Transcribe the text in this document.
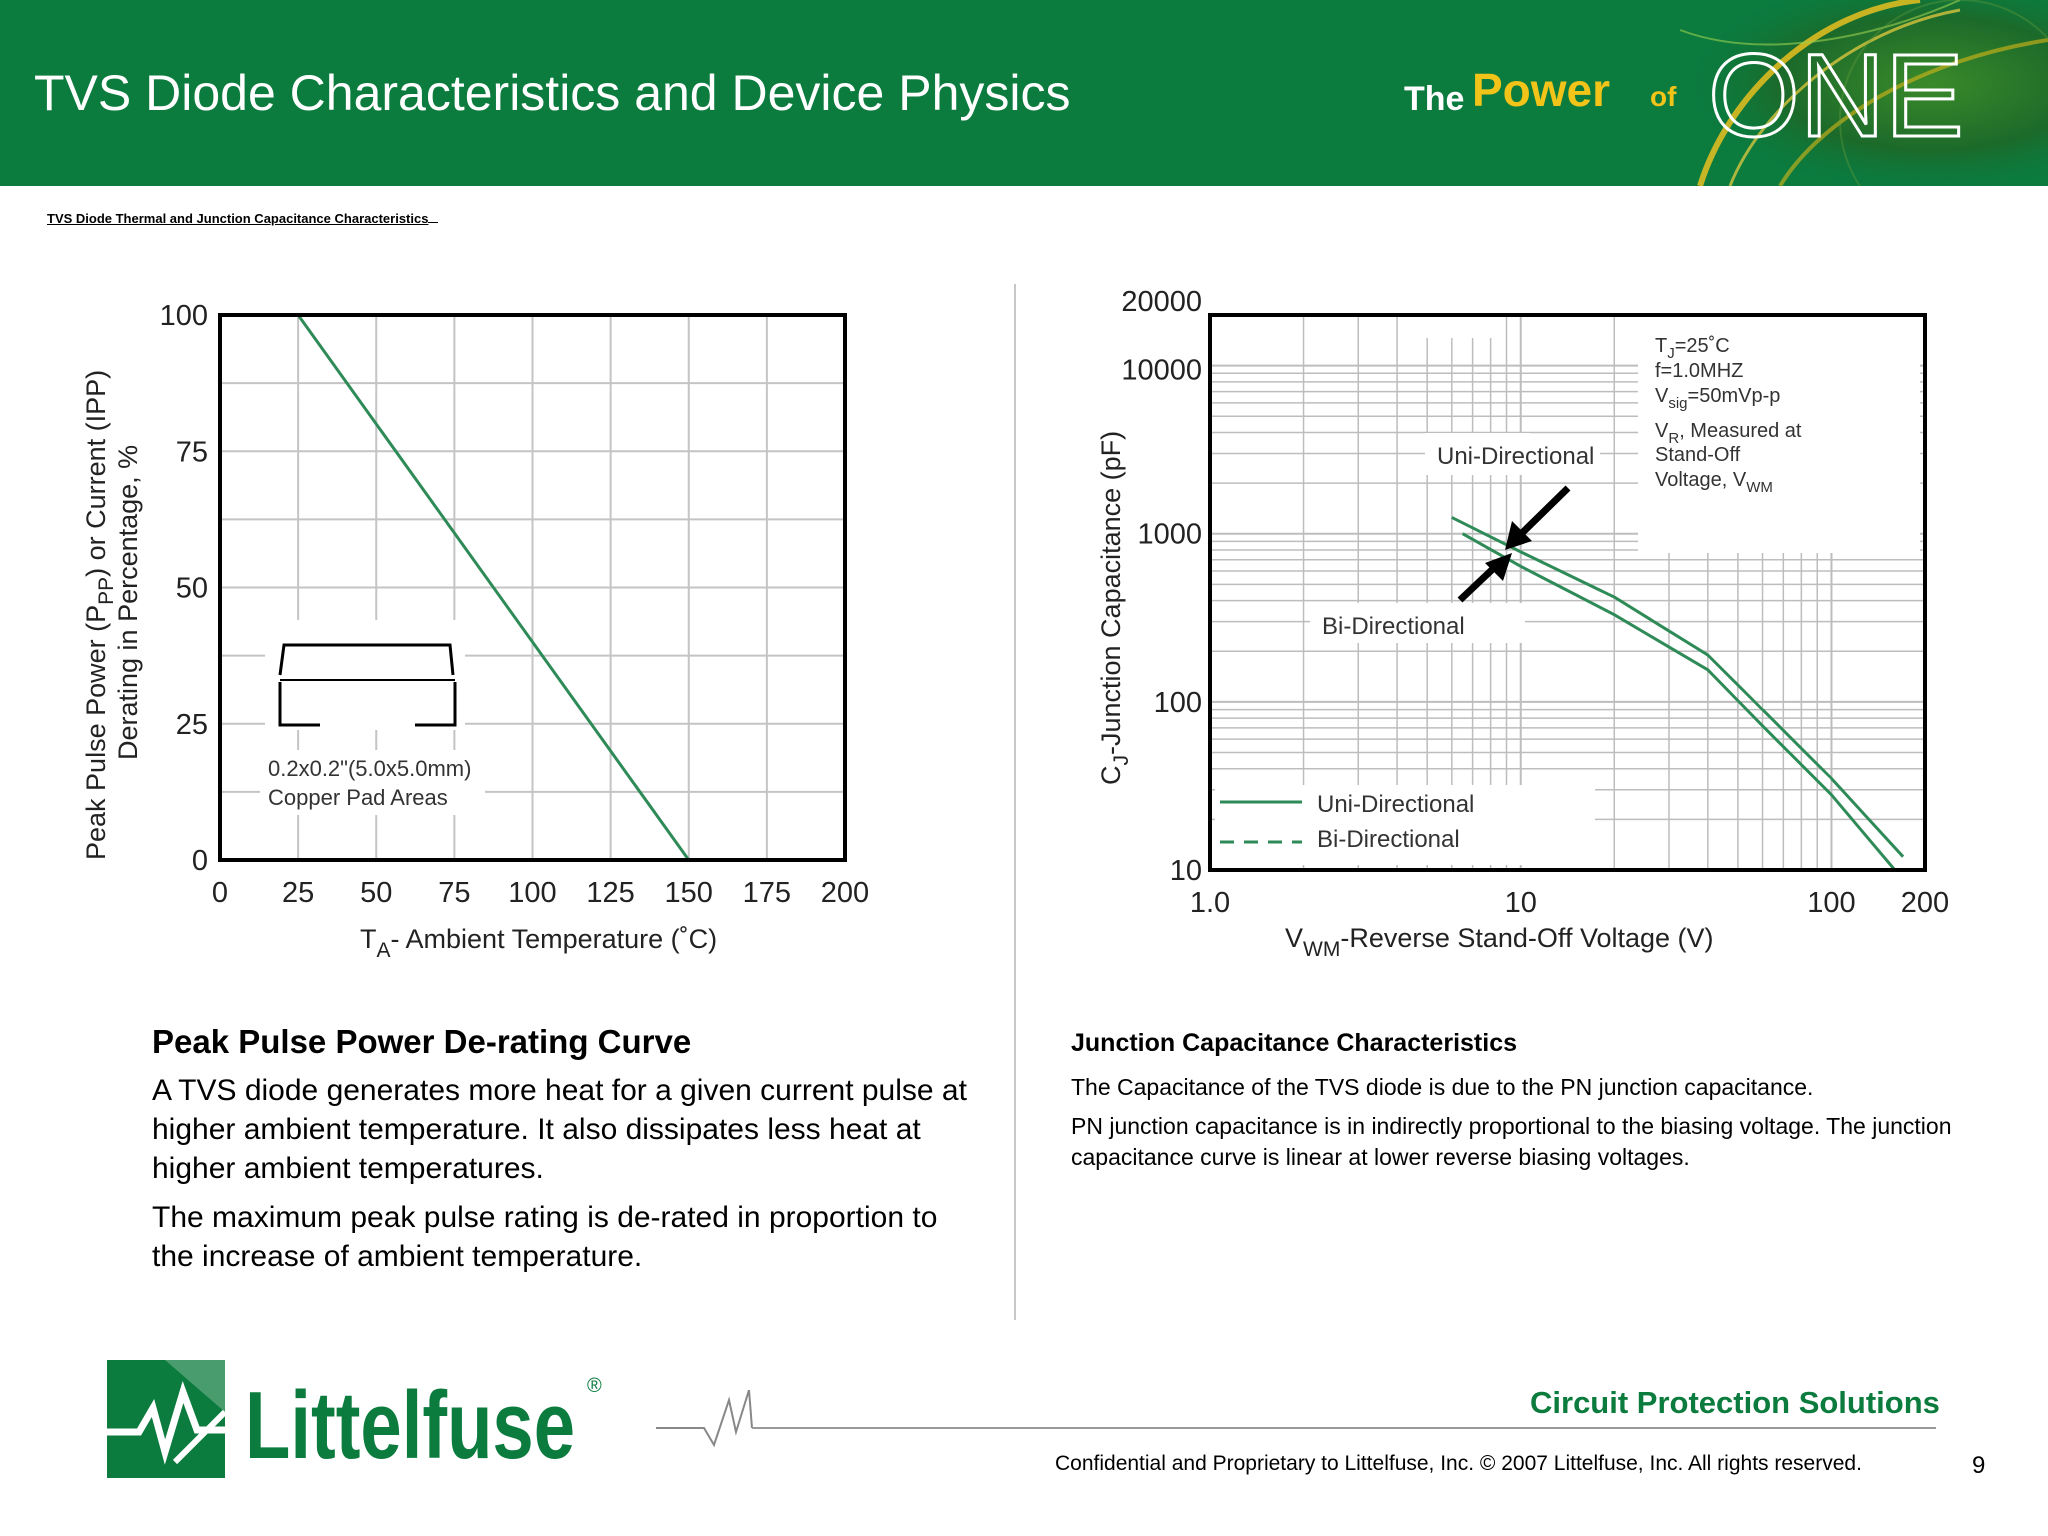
TVS Diode Characteristics and Device Physics	The Power of ONE
TVS Diode Thermal and Junction Capacitance Characteristics
0
25
50
75
100
0 25 50 75 100 125 150 175 200
0.2x0.2"(5.0x5.0mm)
Copper Pad Areas
$T_A-$ Ambient Temperature (˚C)
Peak Pulse Power $(P_{PP})$ or Current (IPP) Derating in Percentage, %
10
100
1000
10000
20000
1.0	10	100 200
$T_J=25˚C$
f=1.0MHZ
$V_{sig}=50mVp-p$
$V_R$, Measured at
Stand-Off
Voltage, $V_{WM}$
Uni-Directional
Bi-Directional
Uni-Directional
Bi-Directional
$V_{WM}$-Reverse Stand-Off Voltage (V)
$C_J$-Junction Capacitance (pF)
Peak Pulse Power De-rating Curve

A TVS diode generates more heat for a given current pulse at higher ambient temperature. It also dissipates less heat at higher ambient temperatures.

The maximum peak pulse rating is de-rated in proportion to the increase of ambient temperature.

Junction Capacitance Characteristics

The Capacitance of the TVS diode is due to the PN junction capacitance.

PN junction capacitance is in indirectly proportional to the biasing voltage. The junction capacitance curve is linear at lower reverse biasing voltages.

Littelfuse ®	Circuit Protection Solutions
Confidential and Proprietary to Littelfuse, Inc. © 2007 Littelfuse, Inc. All rights reserved.	9
